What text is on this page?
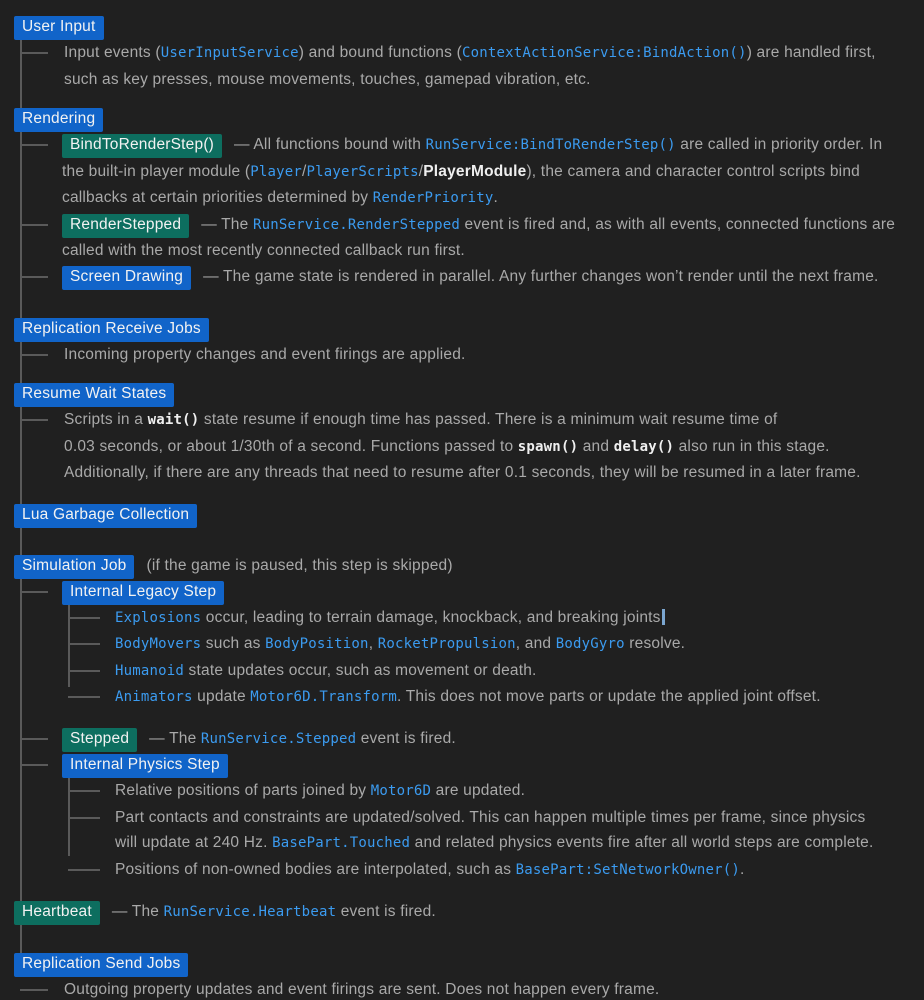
User Input
Input events (UserInputService) and bound functions (ContextActionService:BindAction()) are handled first,
such as key presses, mouse movements, touches, gamepad vibration, etc.
Rendering
BindToRenderStep() — All functions bound with RunService:BindToRenderStep() are called in priority order. In
the built-in player module (Player/PlayerScripts/PlayerModule), the camera and character control scripts bind
callbacks at certain priorities determined by RenderPriority.
RenderStepped — The RunService.RenderStepped event is fired and, as with all events, connected functions are
called with the most recently connected callback run first.
Screen Drawing — The game state is rendered in parallel. Any further changes won’t render until the next frame.
Replication Receive Jobs
Incoming property changes and event firings are applied.
Resume Wait States
Scripts in a wait() state resume if enough time has passed. There is a minimum wait resume time of
0.03 seconds, or about 1/30th of a second. Functions passed to spawn() and delay() also run in this stage.
Additionally, if there are any threads that need to resume after 0.1 seconds, they will be resumed in a later frame.
Lua Garbage Collection
Simulation Job (if the game is paused, this step is skipped)
Internal Legacy Step
Explosions occur, leading to terrain damage, knockback, and breaking joints
BodyMovers such as BodyPosition, RocketPropulsion, and BodyGyro resolve.
Humanoid state updates occur, such as movement or death.
Animators update Motor6D.Transform. This does not move parts or update the applied joint offset.
Stepped — The RunService.Stepped event is fired.
Internal Physics Step
Relative positions of parts joined by Motor6D are updated.
Part contacts and constraints are updated/solved. This can happen multiple times per frame, since physics
will update at 240 Hz. BasePart.Touched and related physics events fire after all world steps are complete.
Positions of non-owned bodies are interpolated, such as BasePart:SetNetworkOwner().
Heartbeat — The RunService.Heartbeat event is fired.
Replication Send Jobs
Outgoing property updates and event firings are sent. Does not happen every frame.
